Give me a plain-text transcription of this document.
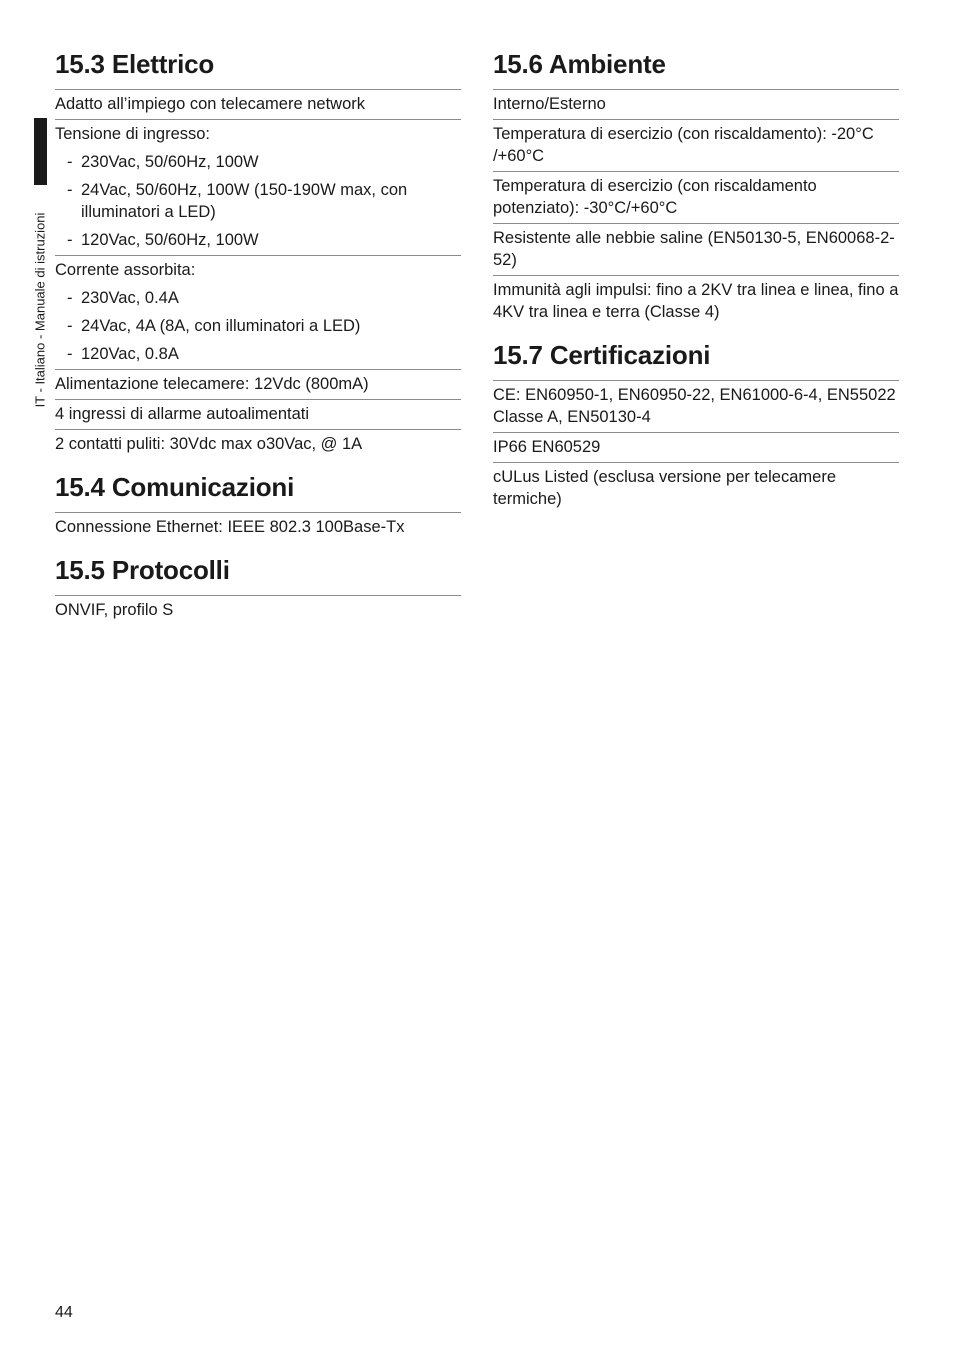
IT - Italiano - Manuale di istruzioni
15.3 Elettrico
Adatto all’impiego con telecamere network
Tensione di ingresso:
- 230Vac, 50/60Hz, 100W
- 24Vac, 50/60Hz, 100W (150-190W max, con illuminatori a LED)
- 120Vac, 50/60Hz, 100W
Corrente assorbita:
- 230Vac, 0.4A
- 24Vac, 4A (8A, con illuminatori a LED)
- 120Vac, 0.8A
Alimentazione telecamere: 12Vdc (800mA)
4 ingressi di allarme autoalimentati
2 contatti puliti: 30Vdc max o30Vac, @ 1A
15.4 Comunicazioni
Connessione Ethernet: IEEE 802.3 100Base-Tx
15.5 Protocolli
ONVIF, profilo S
15.6 Ambiente
Interno/Esterno
Temperatura di esercizio (con riscaldamento): -20°C /+60°C
Temperatura di esercizio (con riscaldamento potenziato): -30°C/+60°C
Resistente alle nebbie saline (EN50130-5, EN60068-2-52)
Immunità agli impulsi: fino a 2KV tra linea e linea, fino a 4KV tra linea e terra (Classe 4)
15.7 Certificazioni
CE: EN60950-1, EN60950-22, EN61000-6-4, EN55022 Classe A, EN50130-4
IP66 EN60529
cULus Listed (esclusa versione per telecamere termiche)
44
